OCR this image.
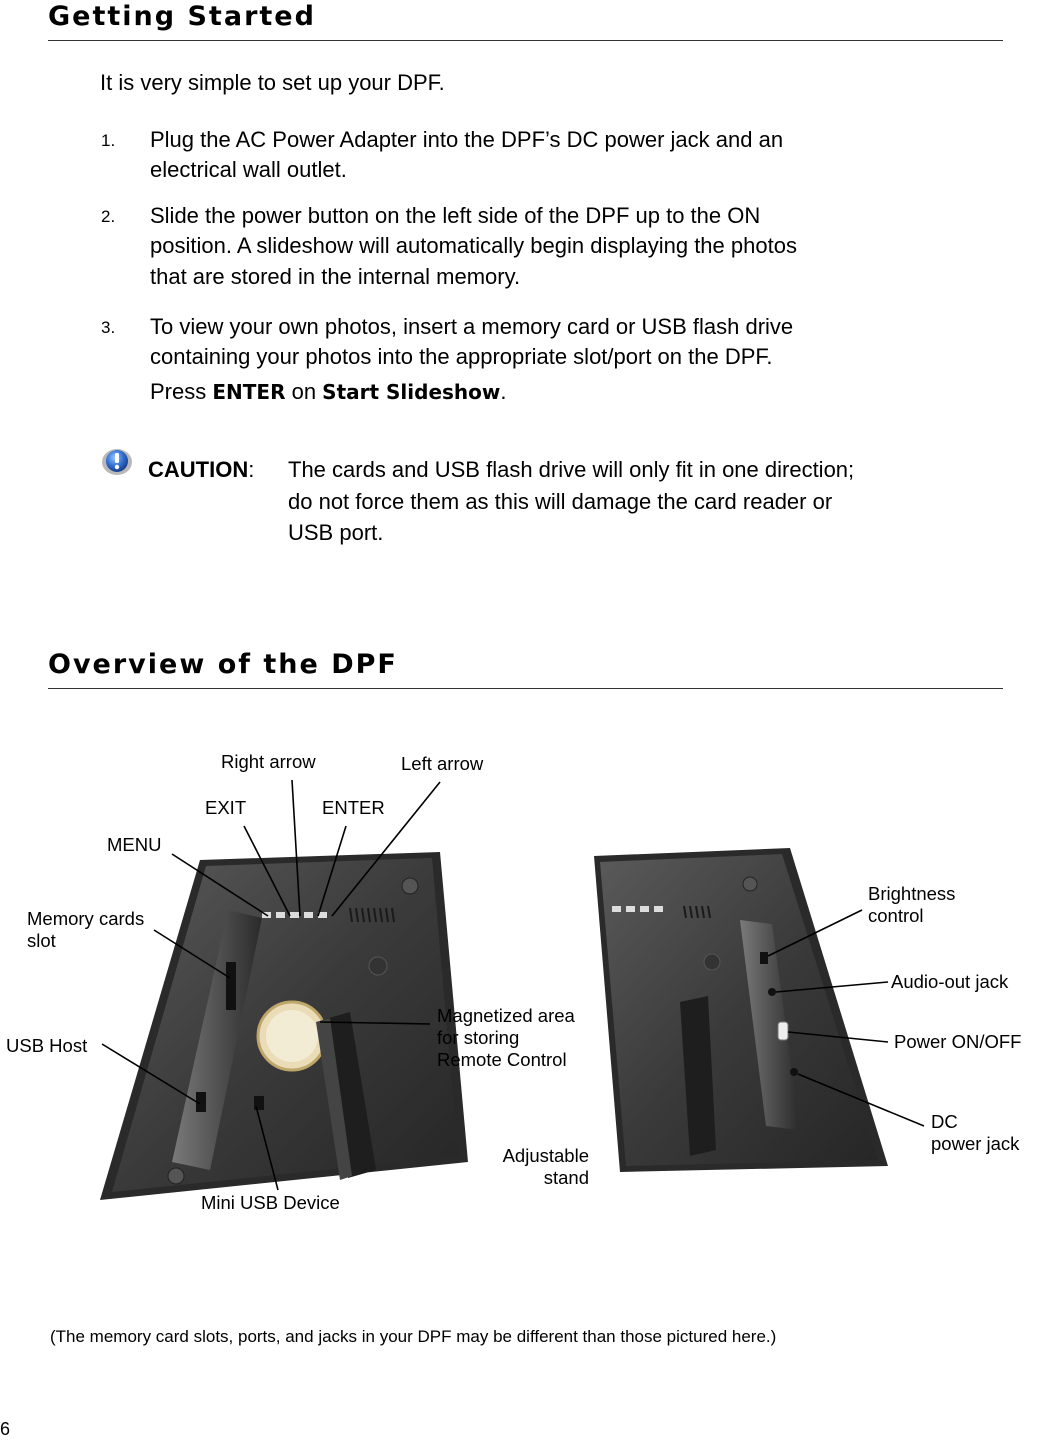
Getting Started
It is very simple to set up your DPF.
1. Plug the AC Power Adapter into the DPF’s DC power jack and an
electrical wall outlet.
2. Slide the power button on the left side of the DPF up to the ON
position. A slideshow will automatically begin displaying the photos
that are stored in the internal memory.
3. To view your own photos, insert a memory card or USB flash drive
containing your photos into the appropriate slot/port on the DPF.
Press ENTER on Start Slideshow.
CAUTION: The cards and USB flash drive will only fit in one direction;
do not force them as this will damage the card reader or
USB port.
Overview of the DPF
Right arrow	Left arrow
EXIT	ENTER
MENU
Memory cards
slot
USB Host
Mini USB Device
Magnetized area
for storing
Remote Control
Adjustable
stand
Brightness
control
Audio-out jack
Power ON/OFF
DC
power jack
(The memory card slots, ports, and jacks in your DPF may be different than those pictured here.)
6
